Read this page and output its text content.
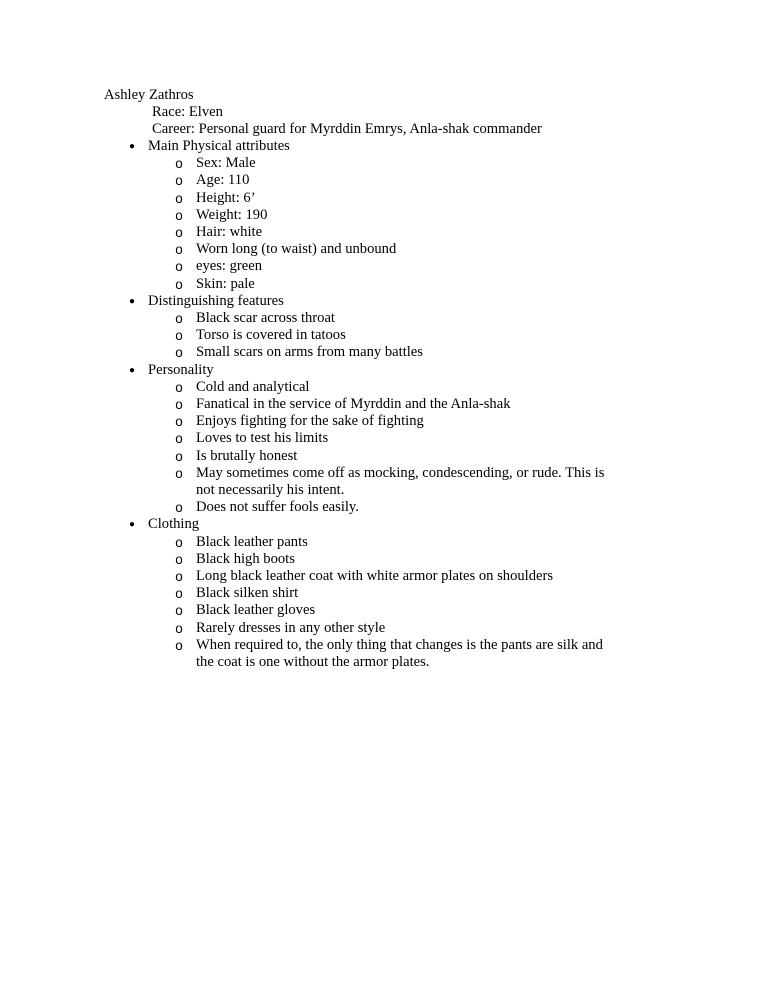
Ashley Zathros
Race: Elven
Career: Personal guard for Myrddin Emrys, Anla-shak commander
● Main Physical attributes
o Sex: Male
o Age: 110
o Height: 6’
o Weight: 190
o Hair: white
o Worn long (to waist) and unbound
o eyes: green
o Skin: pale
● Distinguishing features
o Black scar across throat
o Torso is covered in tatoos
o Small scars on arms from many battles
● Personality
o Cold and analytical
o Fanatical in the service of Myrddin and the Anla-shak
o Enjoys fighting for the sake of fighting
o Loves to test his limits
o Is brutally honest
o May sometimes come off as mocking, condescending, or rude. This is not necessarily his intent.
o Does not suffer fools easily.
● Clothing
o Black leather pants
o Black high boots
o Long black leather coat with white armor plates on shoulders
o Black silken shirt
o Black leather gloves
o Rarely dresses in any other style
o When required to, the only thing that changes is the pants are silk and the coat is one without the armor plates.
